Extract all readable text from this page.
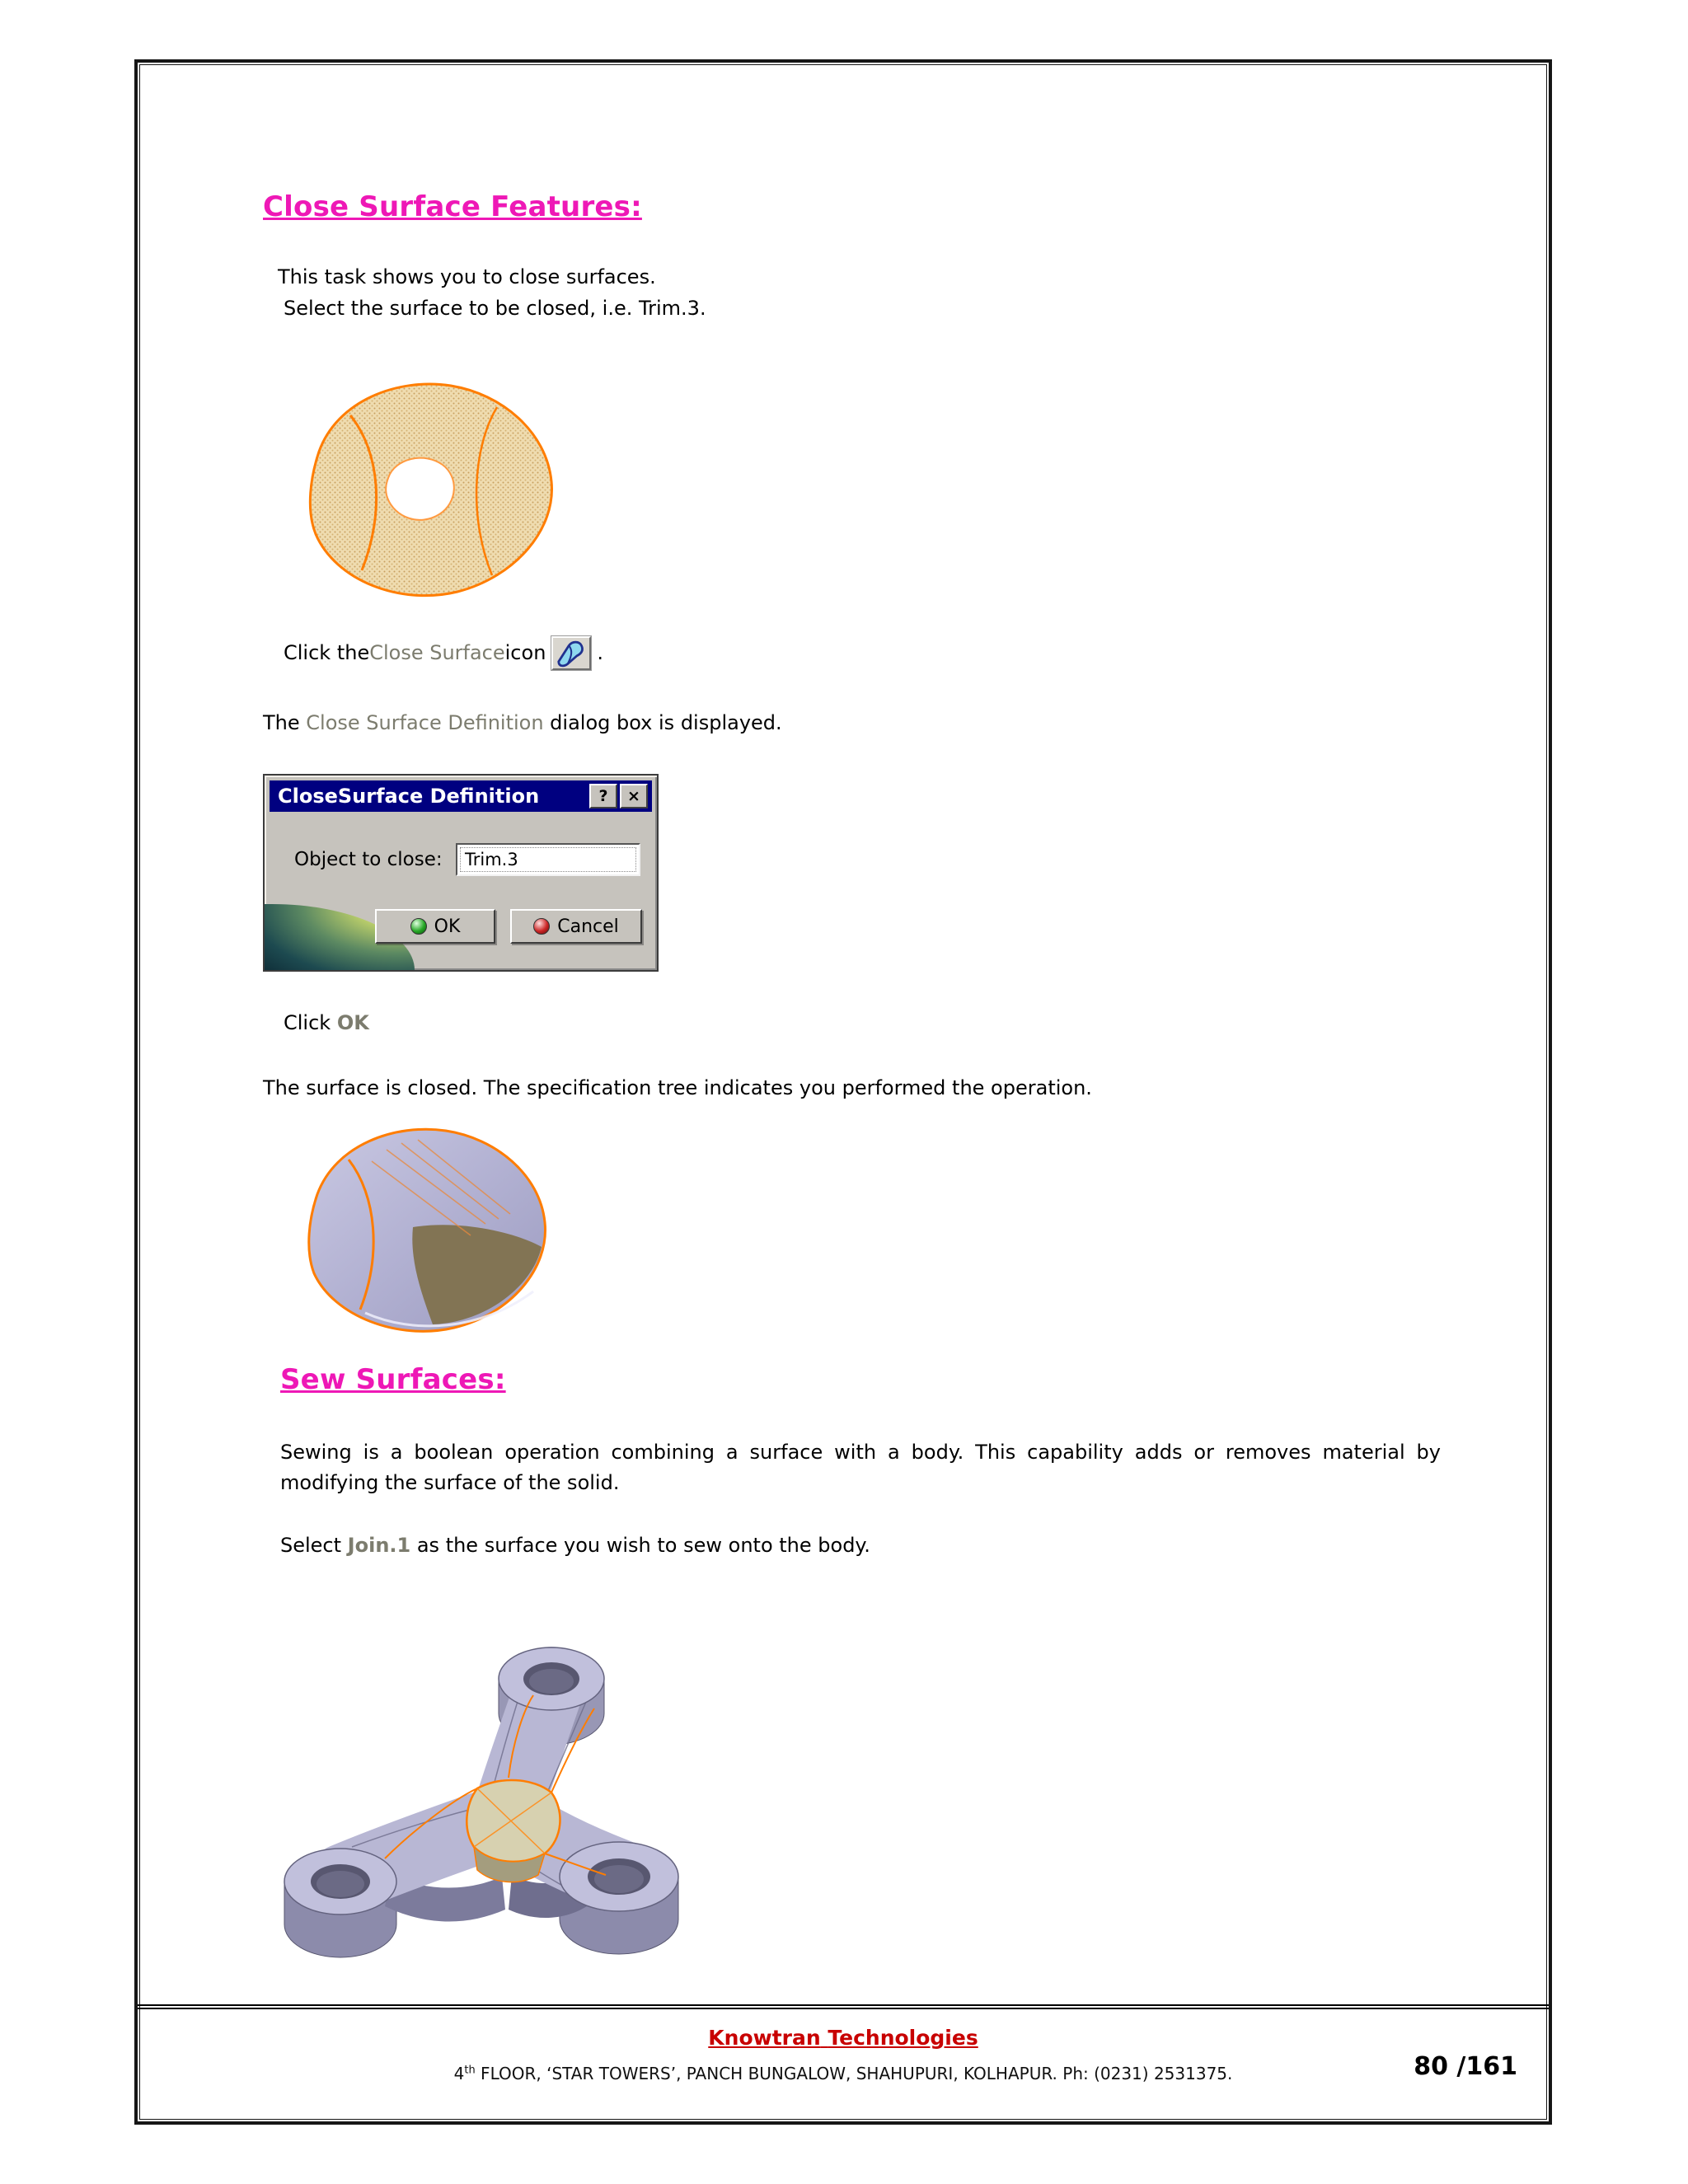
Close Surface Features:

This task shows you to close surfaces.

Select the surface to be closed, i.e. Trim.3.

Click the Close Surface icon	.

The Close Surface Definition dialog box is displayed.

CloseSurface Definition	?	×
Object to close: Trim.3
OK	Cancel

Click OK

The surface is closed. The specification tree indicates you performed the operation.

Sew Surfaces:

Sewing is a boolean operation combining a surface with a body. This capability adds or removes material by modifying the surface of the solid.

Select Join.1 as the surface you wish to sew onto the body.

Knowtran Technologies
4th FLOOR, ‘STAR TOWERS’, PANCH BUNGALOW, SHAHUPURI, KOLHAPUR. Ph: (0231) 2531375.	80 /161
